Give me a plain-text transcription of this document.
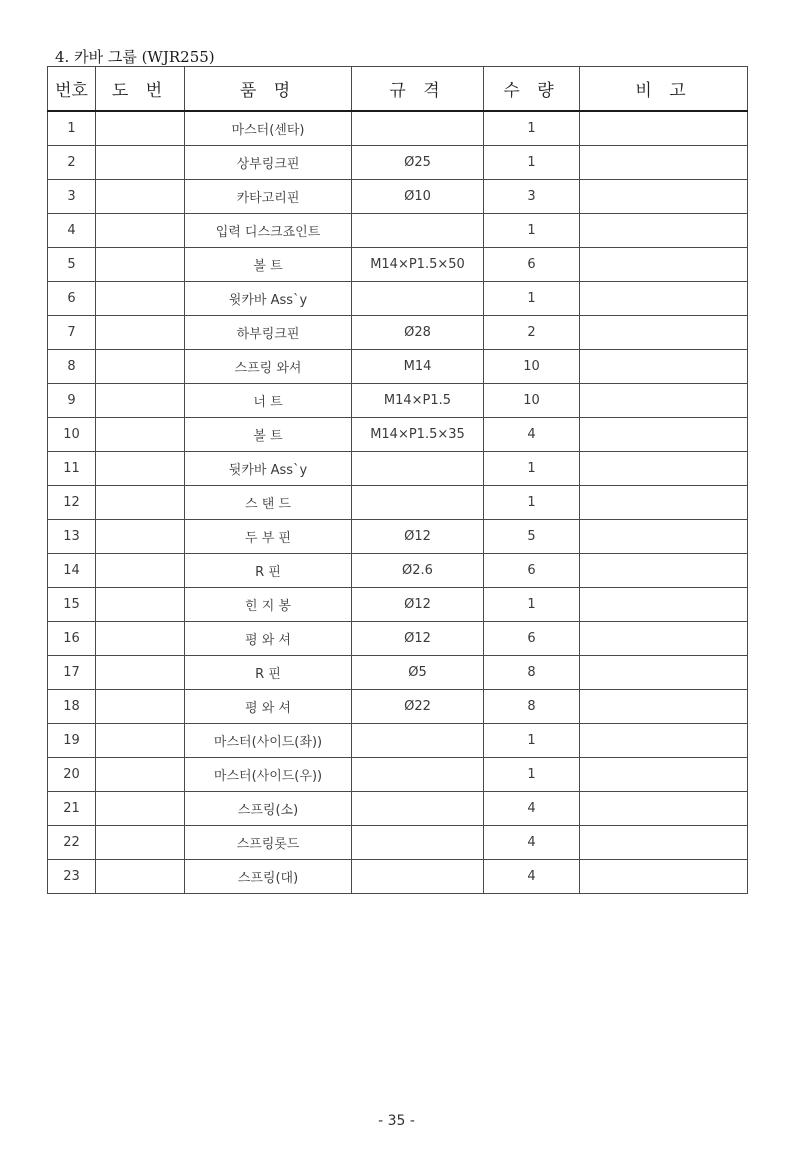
4. 카바 그룹 (WJR255)
번호	도 번	품 명	규 격	수 량	비 고
1		마스터(센타)		1	
2		상부링크핀	Ø25	1	
3		카타고리핀	Ø10	3	
4		입력 디스크죠인트		1	
5		볼 트	M14×P1.5×50	6	
6		윗카바 Ass`y		1	
7		하부링크핀	Ø28	2	
8		스프링 와셔	M14	10	
9		너 트	M14×P1.5	10	
10		볼 트	M14×P1.5×35	4	
11		뒷카바 Ass`y		1	
12		스 탠 드		1	
13		두 부 핀	Ø12	5	
14		R 핀	Ø2.6	6	
15		힌 지 봉	Ø12	1	
16		평 와 셔	Ø12	6	
17		R 핀	Ø5	8	
18		평 와 셔	Ø22	8	
19		마스터(사이드(좌))		1	
20		마스터(사이드(우))		1	
21		스프링(소)		4	
22		스프링롯드		4	
23		스프링(대)		4	
- 35 -
